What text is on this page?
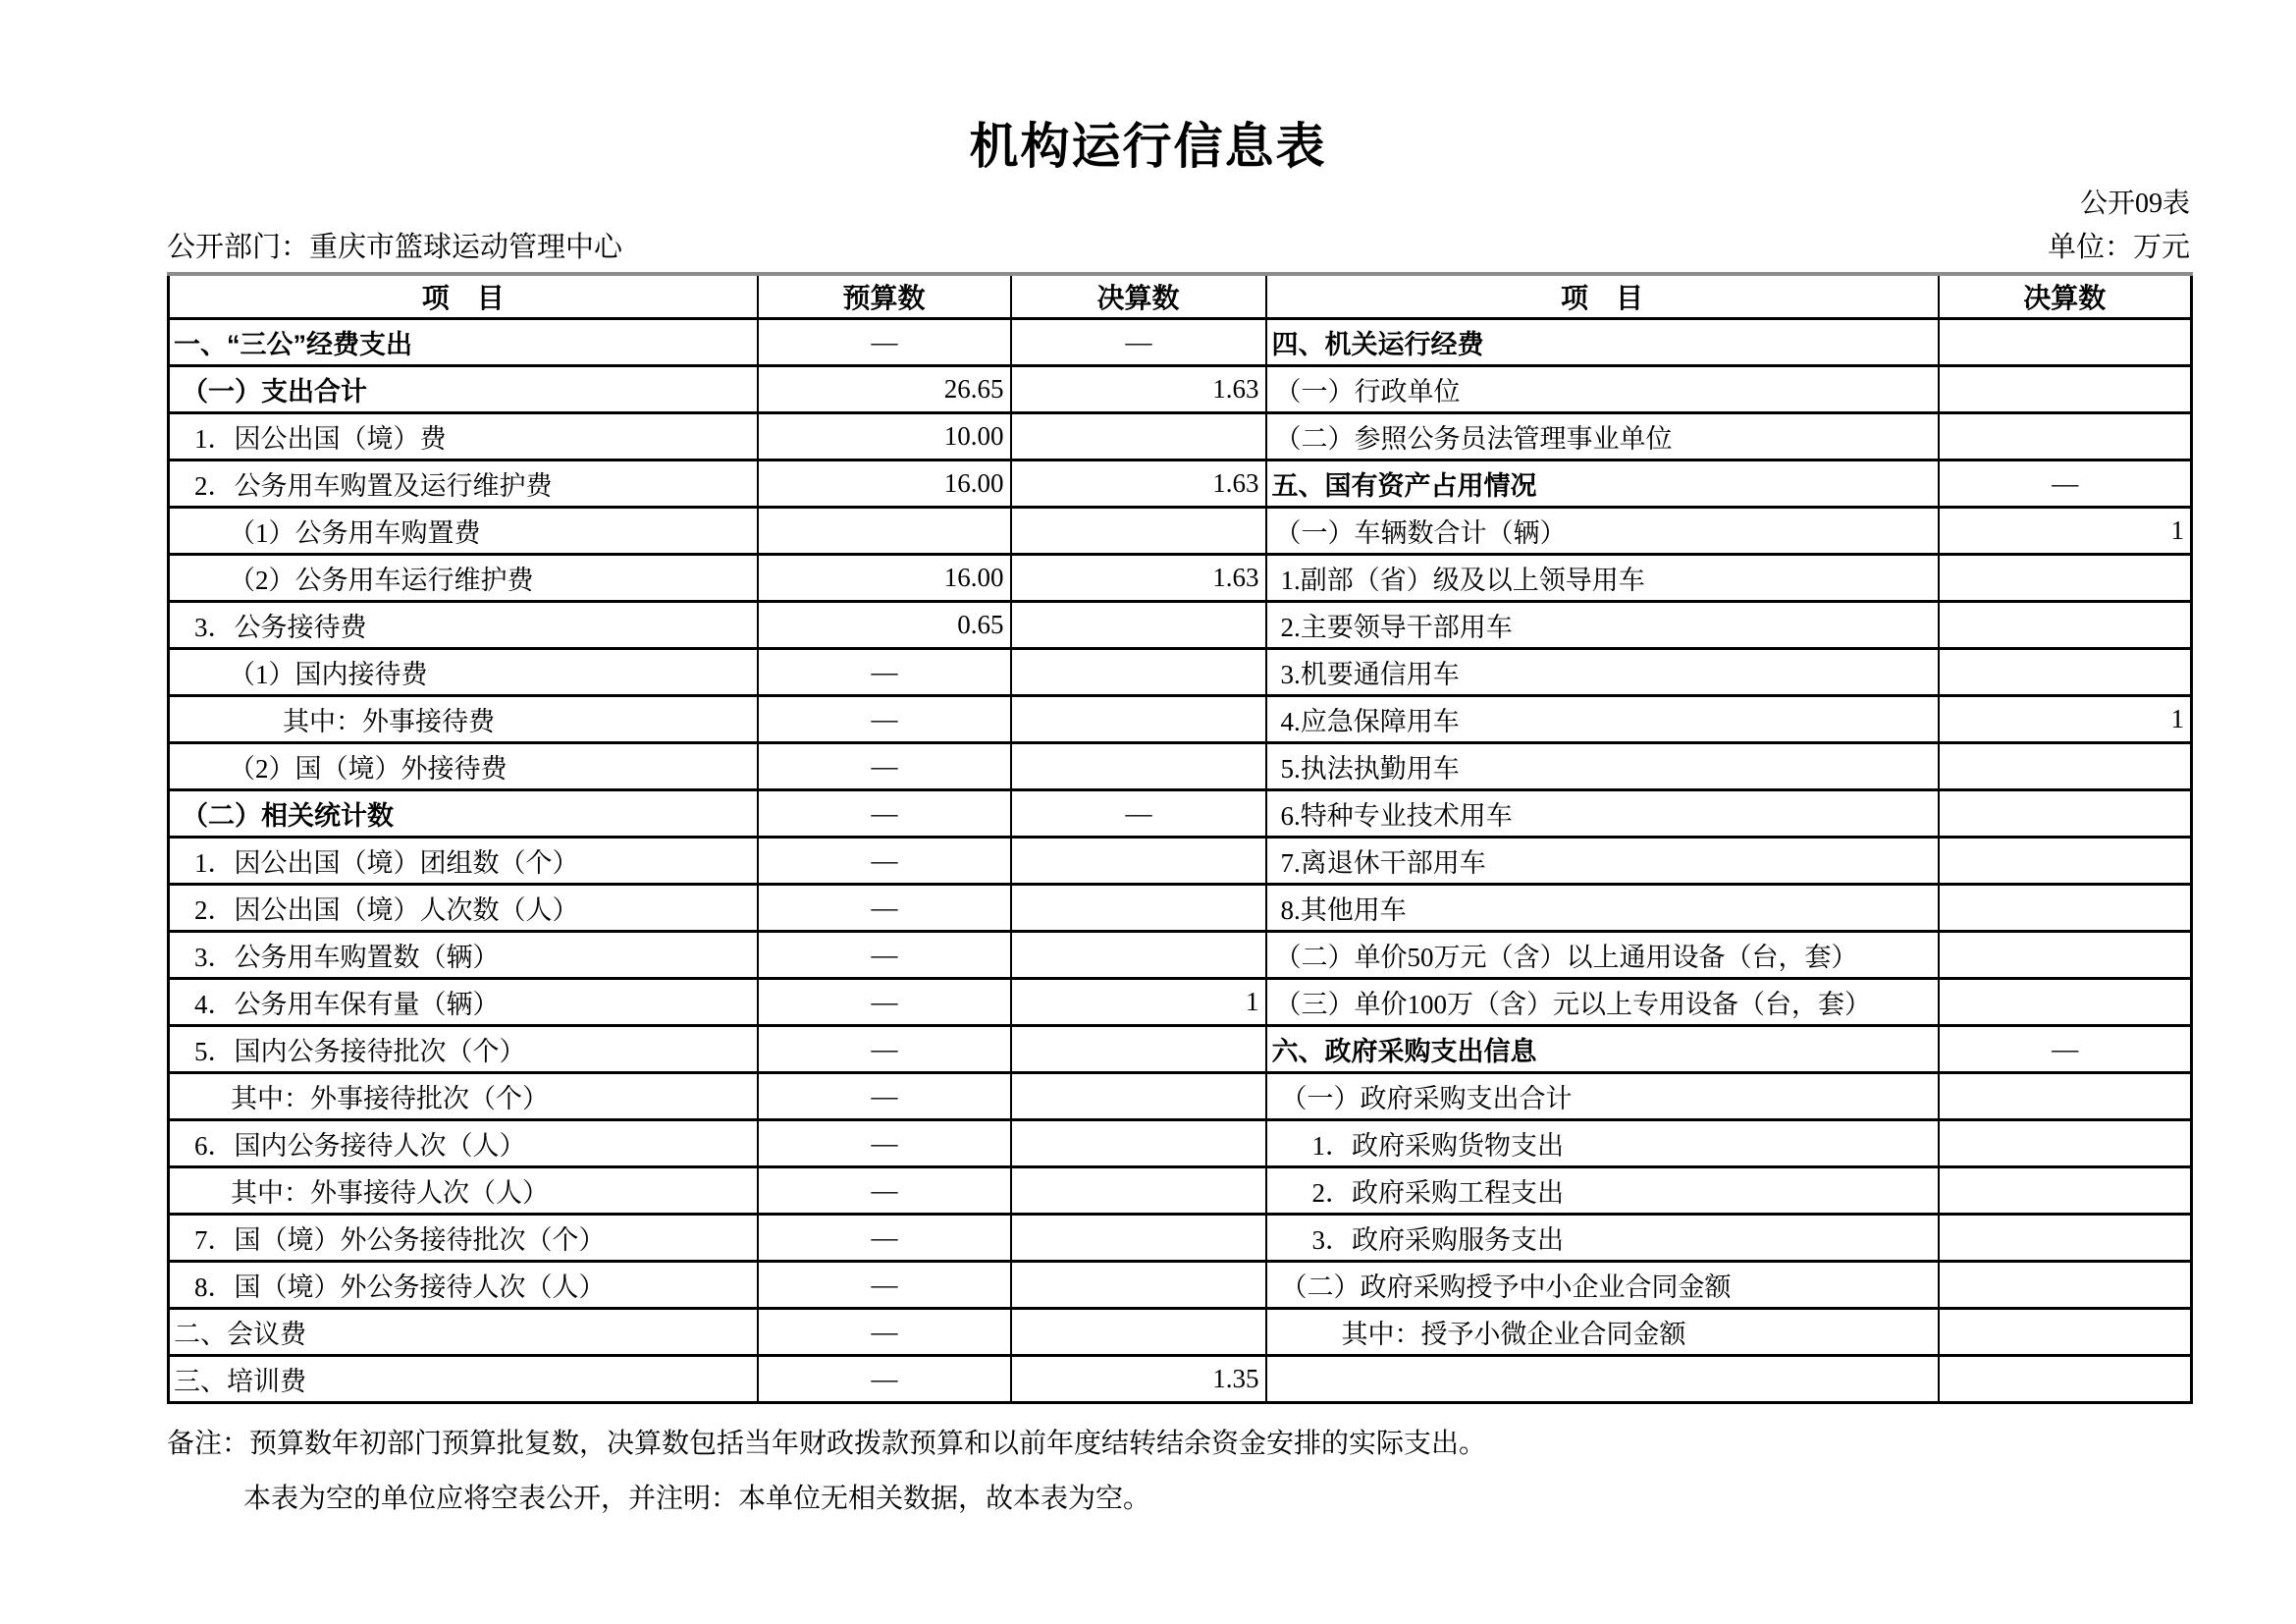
机构运行信息表
公开09表
公开部门：重庆市篮球运动管理中心	单位：万元
项　目	预算数	决算数	项　目	决算数
一、“三公”经费支出	—	—	四、机关运行经费	
（一）支出合计	26.65	1.63	（一）行政单位	
1．因公出国（境）费	10.00		（二）参照公务员法管理事业单位	
2．公务用车购置及运行维护费	16.00	1.63	五、国有资产占用情况	—
（1）公务用车购置费			（一）车辆数合计（辆）	1
（2）公务用车运行维护费	16.00	1.63	1.副部（省）级及以上领导用车	
3．公务接待费	0.65		2.主要领导干部用车	
（1）国内接待费	—		3.机要通信用车	
其中：外事接待费	—		4.应急保障用车	1
（2）国（境）外接待费	—		5.执法执勤用车	
（二）相关统计数	—	—	6.特种专业技术用车	
1．因公出国（境）团组数（个）	—		7.离退休干部用车	
2．因公出国（境）人次数（人）	—		8.其他用车	
3．公务用车购置数（辆）	—		（二）单价50万元（含）以上通用设备（台，套）	
4．公务用车保有量（辆）	—	1	（三）单价100万（含）元以上专用设备（台，套）	
5．国内公务接待批次（个）	—		六、政府采购支出信息	—
其中：外事接待批次（个）	—		（一）政府采购支出合计	
6．国内公务接待人次（人）	—		1．政府采购货物支出	
其中：外事接待人次（人）	—		2．政府采购工程支出	
7．国（境）外公务接待批次（个）	—		3．政府采购服务支出	
8．国（境）外公务接待人次（人）	—		（二）政府采购授予中小企业合同金额	
二、会议费	—		其中：授予小微企业合同金额	
三、培训费	—	1.35		
备注：预算数年初部门预算批复数，决算数包括当年财政拨款预算和以前年度结转结余资金安排的实际支出。
本表为空的单位应将空表公开，并注明：本单位无相关数据，故本表为空。
